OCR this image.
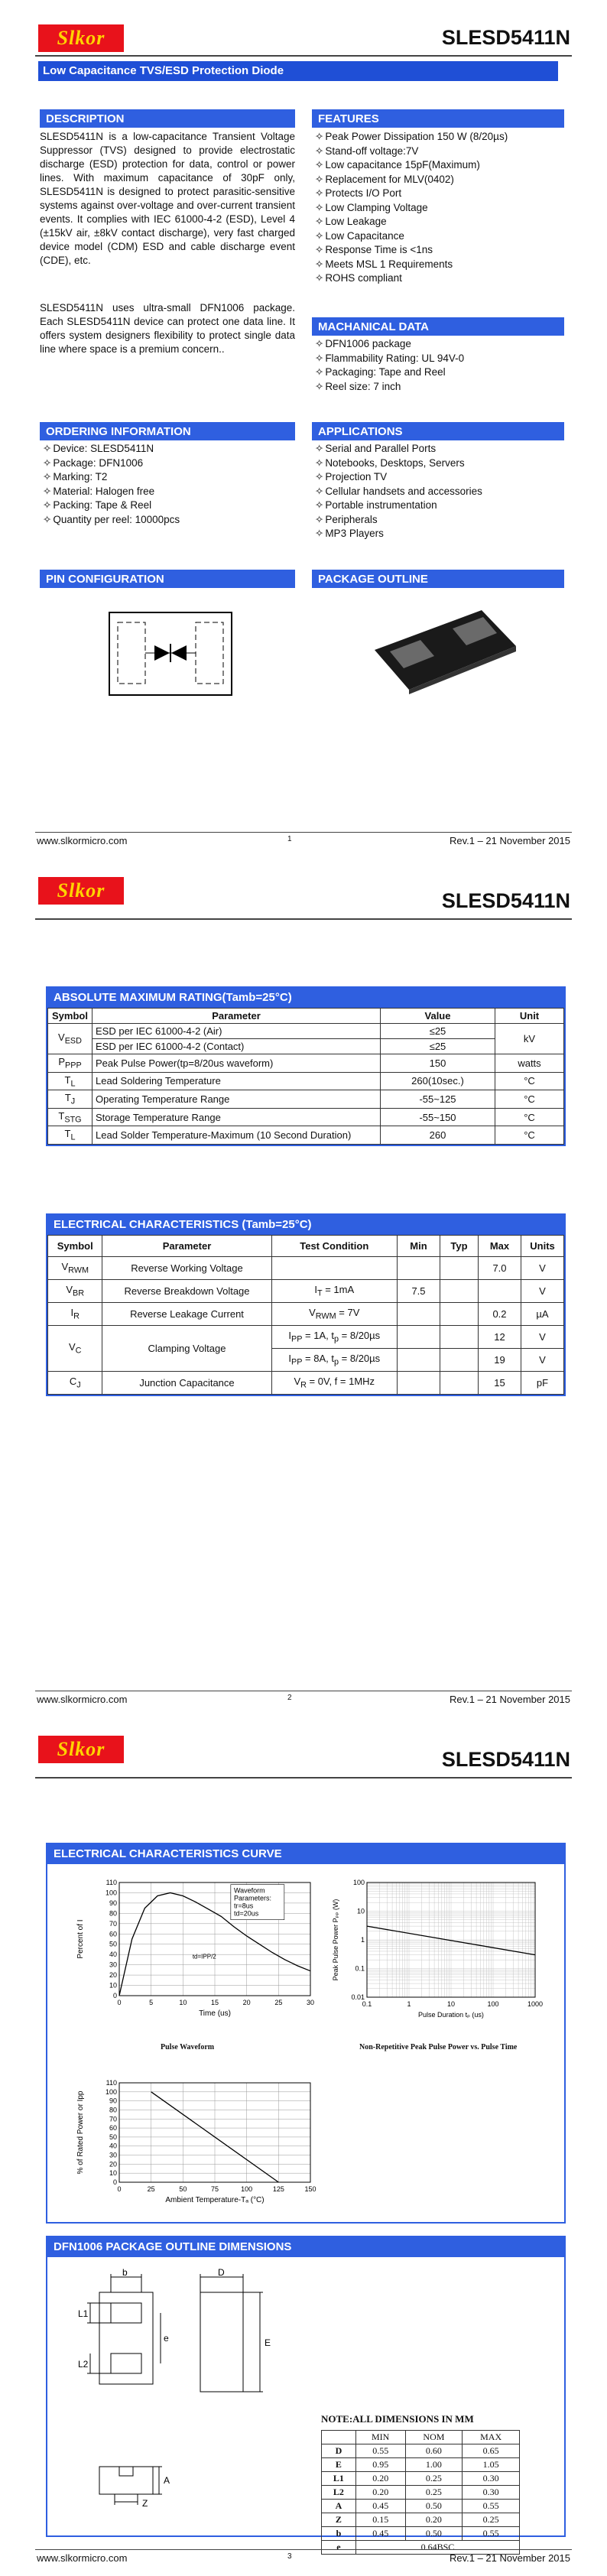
Slkor	SLESD5411N
Low Capacitance TVS/ESD Protection Diode
DESCRIPTION
SLESD5411N is a low-capacitance Transient Voltage Suppressor (TVS) designed to provide electrostatic discharge (ESD) protection for data, control or power lines. With maximum capacitance of 30pF only, SLESD5411N is designed to protect parasitic-sensitive systems against over-voltage and over-current transient events. It complies with IEC 61000-4-2 (ESD), Level 4 (±15kV air, ±8kV contact discharge), very fast charged device model (CDM) ESD and cable discharge event (CDE), etc.
SLESD5411N uses ultra-small DFN1006 package. Each SLESD5411N device can protect one data line. It offers system designers flexibility to protect single data line where space is a premium concern..
FEATURES
✧ Peak Power Dissipation 150 W (8/20µs)
✧ Stand-off voltage:7V
✧ Low capacitance 15pF(Maximum)
✧ Replacement for MLV(0402)
✧ Protects I/O Port
✧ Low Clamping Voltage
✧ Low Leakage
✧ Low Capacitance
✧ Response Time is <1ns
✧ Meets MSL 1 Requirements
✧ ROHS compliant
MACHANICAL DATA
✧ DFN1006 package
✧ Flammability Rating: UL 94V-0
✧ Packaging: Tape and Reel
✧ Reel size: 7 inch
ORDERING INFORMATION
✧ Device: SLESD5411N
✧ Package: DFN1006
✧ Marking: T2
✧ Material: Halogen free
✧ Packing: Tape & Reel
✧ Quantity per reel: 10000pcs
APPLICATIONS
✧ Serial and Parallel Ports
✧ Notebooks, Desktops, Servers
✧ Projection TV
✧ Cellular handsets and accessories
✧ Portable instrumentation
✧ Peripherals
✧ MP3 Players
PIN CONFIGURATION	PACKAGE OUTLINE
www.slkormicro.com	1	Rev.1 – 21 November 2015
Slkor	SLESD5411N
ABSOLUTE MAXIMUM RATING(Tamb=25°C)
Symbol	Parameter	Value	Unit
$V_{ESD}$	ESD per IEC 61000-4-2 (Air)	≤25	kV
	ESD per IEC 61000-4-2 (Contact)	≤25	
$P_{PPP}$	Peak Pulse Power(tp=8/20us waveform)	150	watts
$T_L$	Lead Soldering Temperature	260(10sec.)	°C
$T_J$	Operating Temperature Range	-55~125	°C
$T_{STG}$	Storage Temperature Range	-55~150	°C
$T_L$	Lead Solder Temperature-Maximum (10 Second Duration)	260	°C
ELECTRICAL CHARACTERISTICS (Tamb=25°C)
Symbol	Parameter	Test Condition	Min	Typ	Max	Units
$V_{RWM}$	Reverse Working Voltage				7.0	V
$V_{BR}$	Reverse Breakdown Voltage	$I_T = 1mA$	7.5			V
$I_R$	Reverse Leakage Current	$V_{RWM} = 7V$			0.2	µA
$V_C$	Clamping Voltage	$I_{PP} = 1A$, $t_p = 8/20\mu s$			12	V
		$I_{PP} = 8A$, $t_p = 8/20\mu s$			19	V
$C_J$	Junction Capacitance	$V_R = 0V$, f = 1MHz			15	pF
www.slkormicro.com	2	Rev.1 – 21 November 2015
Slkor	SLESD5411N
ELECTRICAL CHARACTERISTICS CURVE
0
10
20
30
40
50
60
70
80
90
100
110
0	5	10	15	20	25	30
Time (us)
Percent of I
Waveform
Parameters:
tr=8us
td=20us
td=IPP/2
0.1	1	10	100	1000
0.01
0.1
1
10
100
Pulse Duration tₚ (us)
Peak Pulse Power Pₚₚ (W)
Pulse Waveform	Non-Repetitive Peak Pulse Power vs. Pulse Time
0
10
20
30
40
50
60
70
80
90
100
110
0	25	50	75	100	125	150
Ambient Temperature-Tₐ (°C)
% of Rated Power or Ipp
DFN1006 PACKAGE OUTLINE DIMENSIONS
b	D
L1
L2
e	E
A
Z
NOTE:ALL DIMENSIONS IN MM
	MIN	NOM	MAX
D	0.55	0.60	0.65
E	0.95	1.00	1.05
L1	0.20	0.25	0.30
L2	0.20	0.25	0.30
A	0.45	0.50	0.55
Z	0.15	0.20	0.25
b	0.45	0.50	0.55
e	0.64BSC		
www.slkormicro.com	3	Rev.1 – 21 November 2015
